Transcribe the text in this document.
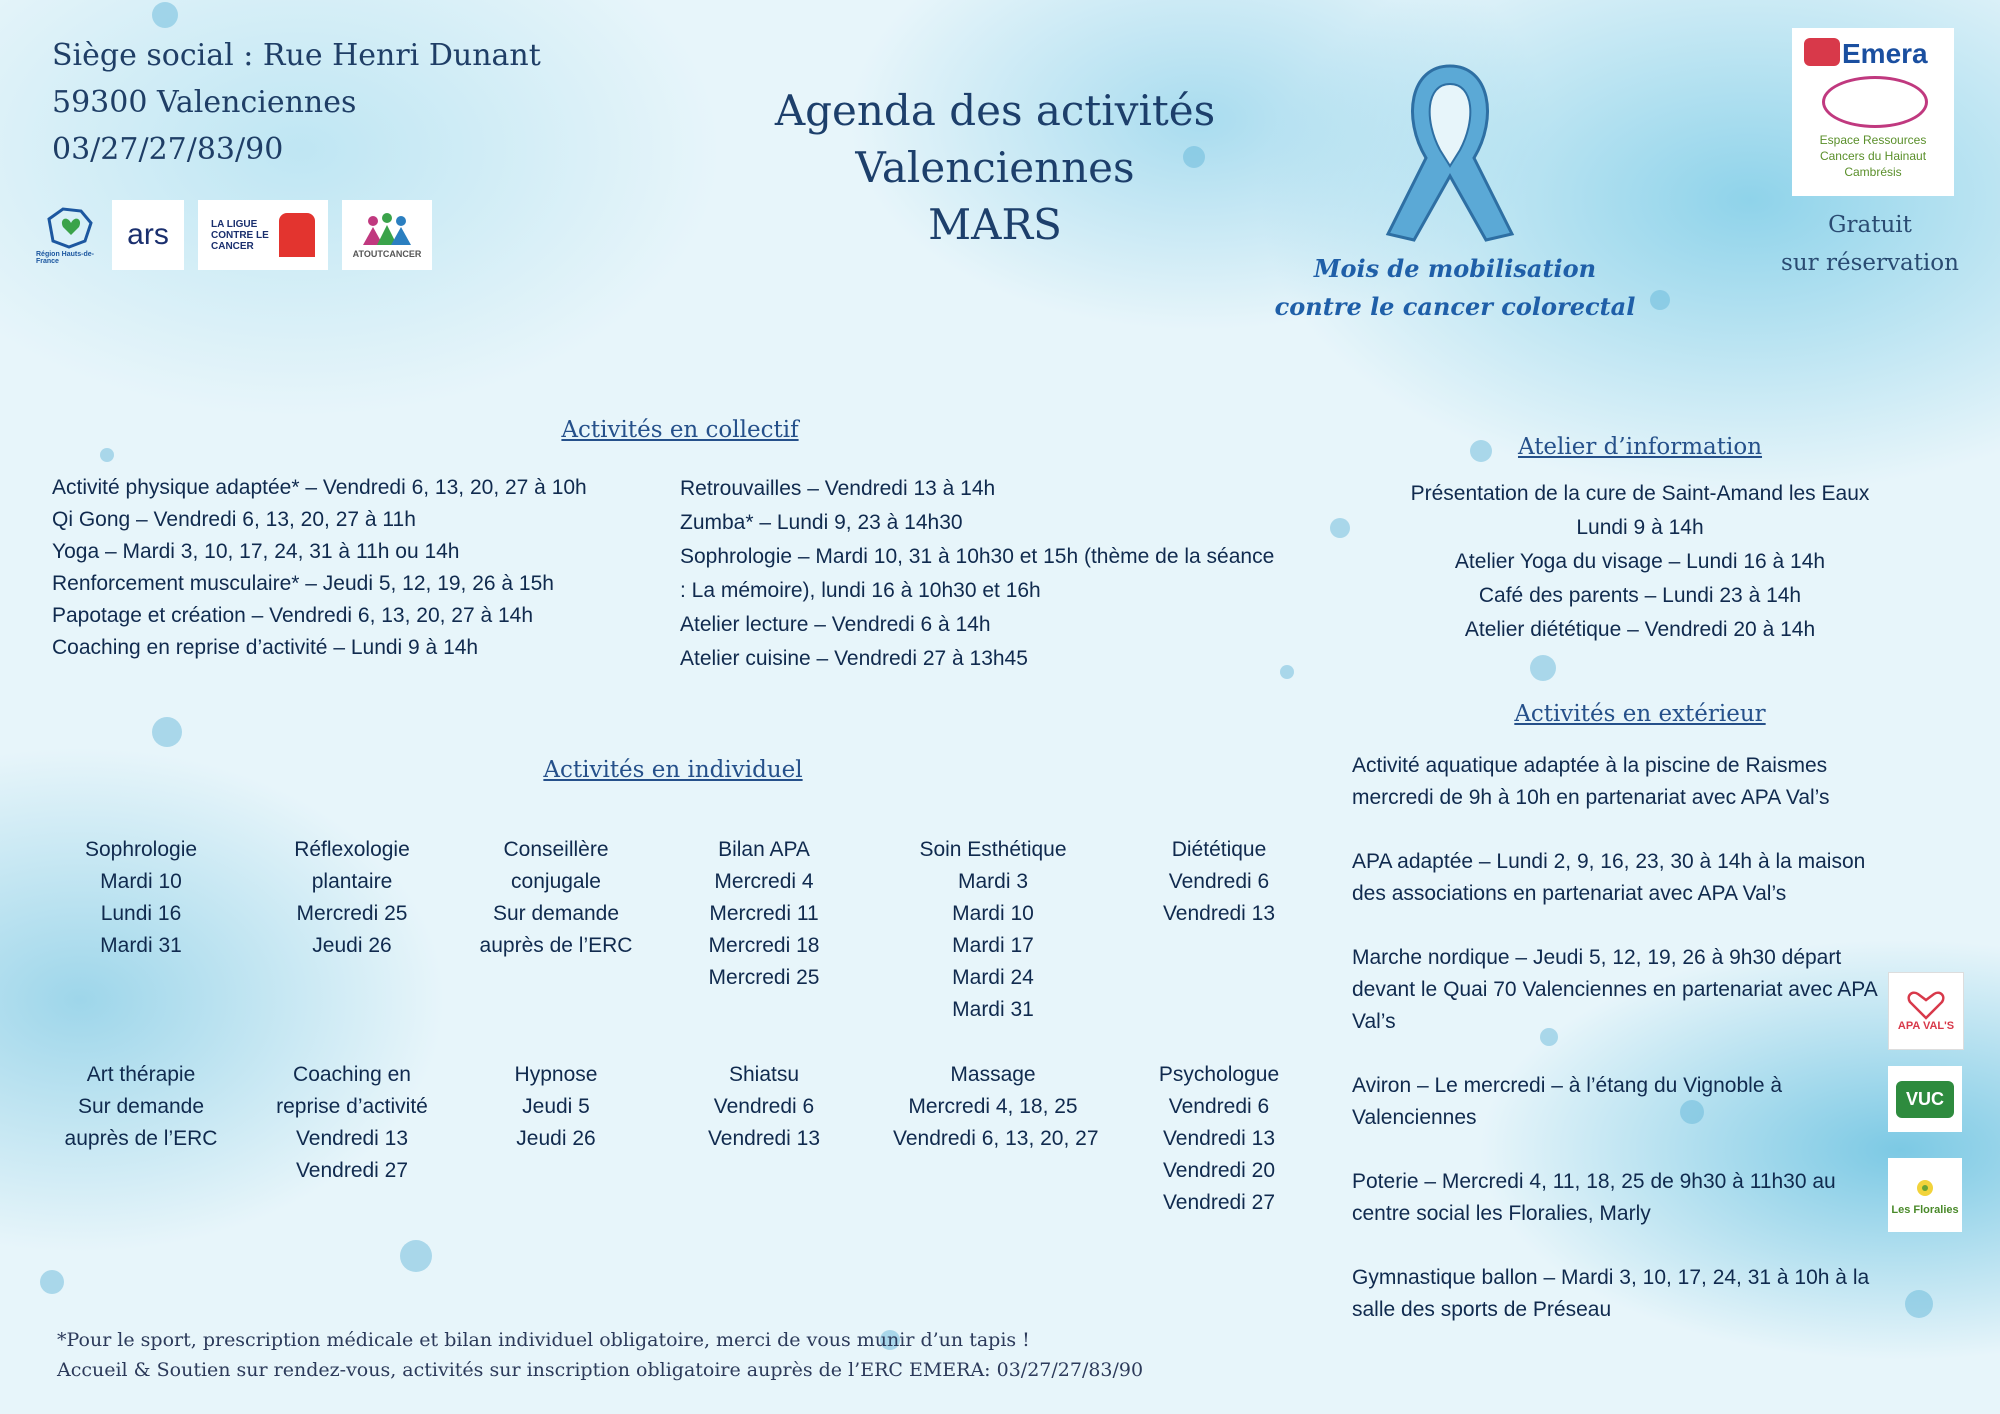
Siège social : Rue Henri Dunant
59300 Valenciennes
03/27/27/83/90
Région Hauts-de-France
ars	LA LIGUE CONTRE LE CANCER
ATOUTCANCER
Agenda des activités
Valenciennes
MARS
Mois de mobilisation
contre le cancer colorectal
Emera
Espace Ressources Cancers du Hainaut Cambrésis
Gratuit
sur réservation
Activités en collectif
Activité physique adaptée* – Vendredi 6, 13, 20, 27 à 10h
Qi Gong – Vendredi 6, 13, 20, 27 à 11h
Yoga – Mardi 3, 10, 17, 24, 31 à 11h ou 14h
Renforcement musculaire* – Jeudi 5, 12, 19, 26 à 15h
Papotage et création – Vendredi 6, 13, 20, 27 à 14h
Coaching en reprise d’activité – Lundi 9 à 14h
Retrouvailles – Vendredi 13 à 14h
Zumba* – Lundi 9, 23 à 14h30
Sophrologie – Mardi 10, 31 à 10h30 et 15h (thème de la séance : La mémoire), lundi 16 à 10h30 et 16h
Atelier lecture – Vendredi 6 à 14h
Atelier cuisine – Vendredi 27 à 13h45
Atelier d’information
Présentation de la cure de Saint-Amand les Eaux
Lundi 9 à 14h
Atelier Yoga du visage – Lundi 16 à 14h
Café des parents – Lundi 23 à 14h
Atelier diététique – Vendredi 20 à 14h
Activités en individuel
Sophrologie
Mardi 10
Lundi 16
Mardi 31
Réflexologie
plantaire
Mercredi 25
Jeudi 26
Conseillère
conjugale
Sur demande
auprès de l’ERC
Bilan APA
Mercredi 4
Mercredi 11
Mercredi 18
Mercredi 25
Soin Esthétique
Mardi 3
Mardi 10
Mardi 17
Mardi 24
Mardi 31
Diététique
Vendredi 6
Vendredi 13
Art thérapie
Sur demande
auprès de l’ERC
Coaching en
reprise d’activité
Vendredi 13
Vendredi 27
Hypnose
Jeudi 5
Jeudi 26
Shiatsu
Vendredi 6
Vendredi 13
Massage
Mercredi 4, 18, 25
Vendredi 6, 13, 20, 27
Psychologue
Vendredi 6
Vendredi 13
Vendredi 20
Vendredi 27
Activités en extérieur
Activité aquatique adaptée à la piscine de Raismes mercredi de 9h à 10h en partenariat avec APA Val’s
APA adaptée – Lundi 2, 9, 16, 23, 30 à 14h à la maison des associations en partenariat avec APA Val’s
Marche nordique – Jeudi 5, 12, 19, 26 à 9h30 départ devant le Quai 70 Valenciennes en partenariat avec APA Val’s
Aviron – Le mercredi – à l’étang du Vignoble à Valenciennes
Poterie – Mercredi 4, 11, 18, 25 de 9h30 à 11h30 au centre social les Floralies, Marly
Gymnastique ballon – Mardi 3, 10, 17, 24, 31 à 10h à la salle des sports de Préseau
APA VAL'S
VUC
Les Floralies
*Pour le sport, prescription médicale et bilan individuel obligatoire, merci de vous munir d’un tapis !
Accueil & Soutien sur rendez-vous, activités sur inscription obligatoire auprès de l’ERC EMERA: 03/27/27/83/90
